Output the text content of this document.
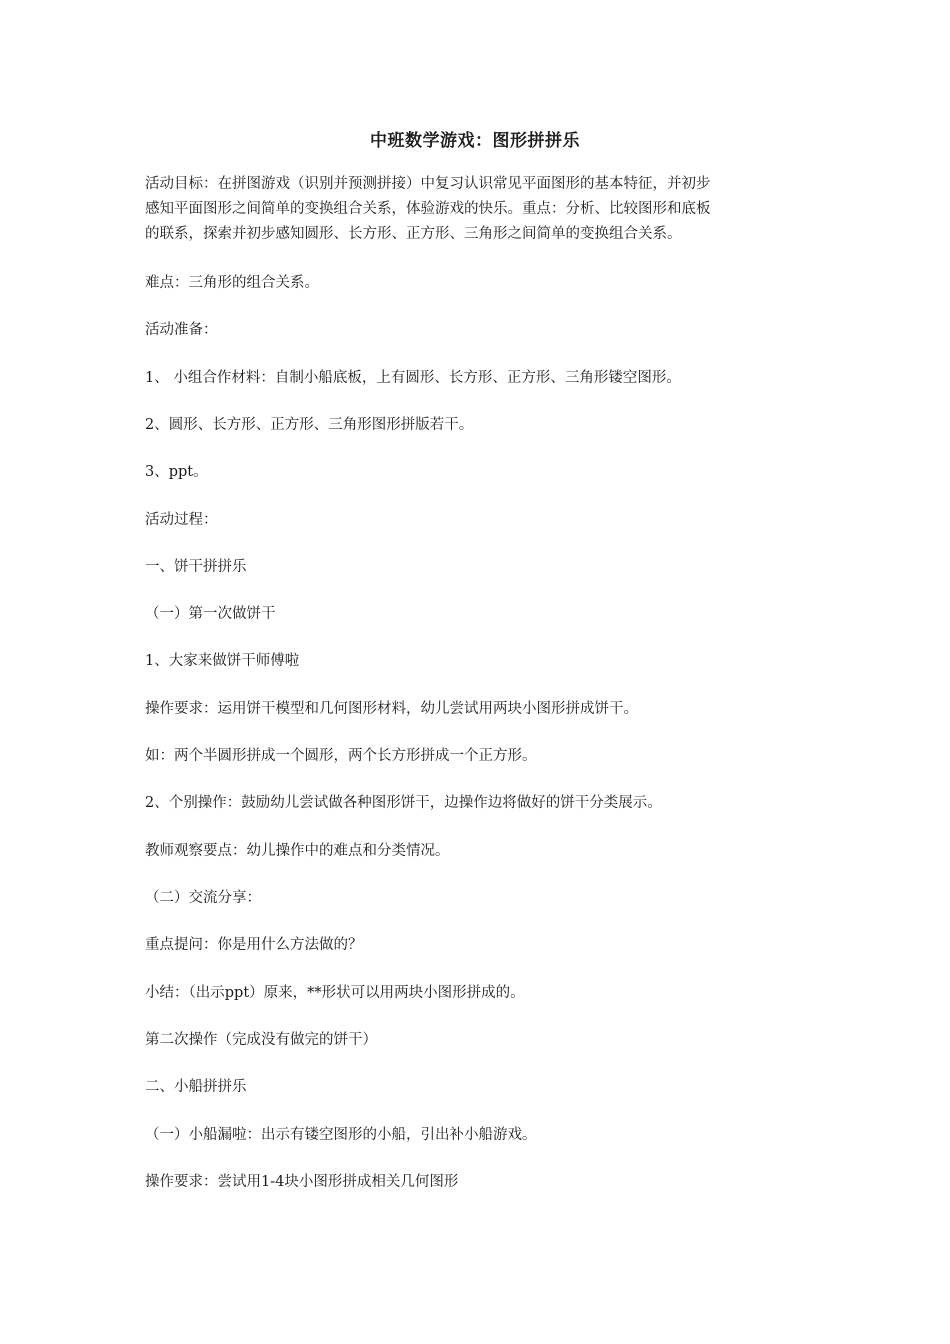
中班数学游戏：图形拼拼乐
活动目标：在拼图游戏（识别并预测拼接）中复习认识常见平面图形的基本特征，并初步
感知平面图形之间简单的变换组合关系，体验游戏的快乐。重点：分析、比较图形和底板
的联系，探索并初步感知圆形、长方形、正方形、三角形之间简单的变换组合关系。
难点：三角形的组合关系。
活动准备：
1、 小组合作材料：自制小船底板，上有圆形、长方形、正方形、三角形镂空图形。
2、圆形、长方形、正方形、三角形图形拼版若干。
3、ppt。
活动过程：
一、饼干拼拼乐
（一）第一次做饼干
1、大家来做饼干师傅啦
操作要求：运用饼干模型和几何图形材料，幼儿尝试用两块小图形拼成饼干。
如：两个半圆形拼成一个圆形，两个长方形拼成一个正方形。
2、个别操作：鼓励幼儿尝试做各种图形饼干，边操作边将做好的饼干分类展示。
教师观察要点：幼儿操作中的难点和分类情况。
（二）交流分享：
重点提问：你是用什么方法做的？
小结：（出示ppt）原来，**形状可以用两块小图形拼成的。
第二次操作（完成没有做完的饼干）
二、小船拼拼乐
（一）小船漏啦：出示有镂空图形的小船，引出补小船游戏。
操作要求：尝试用1-4块小图形拼成相关几何图形
